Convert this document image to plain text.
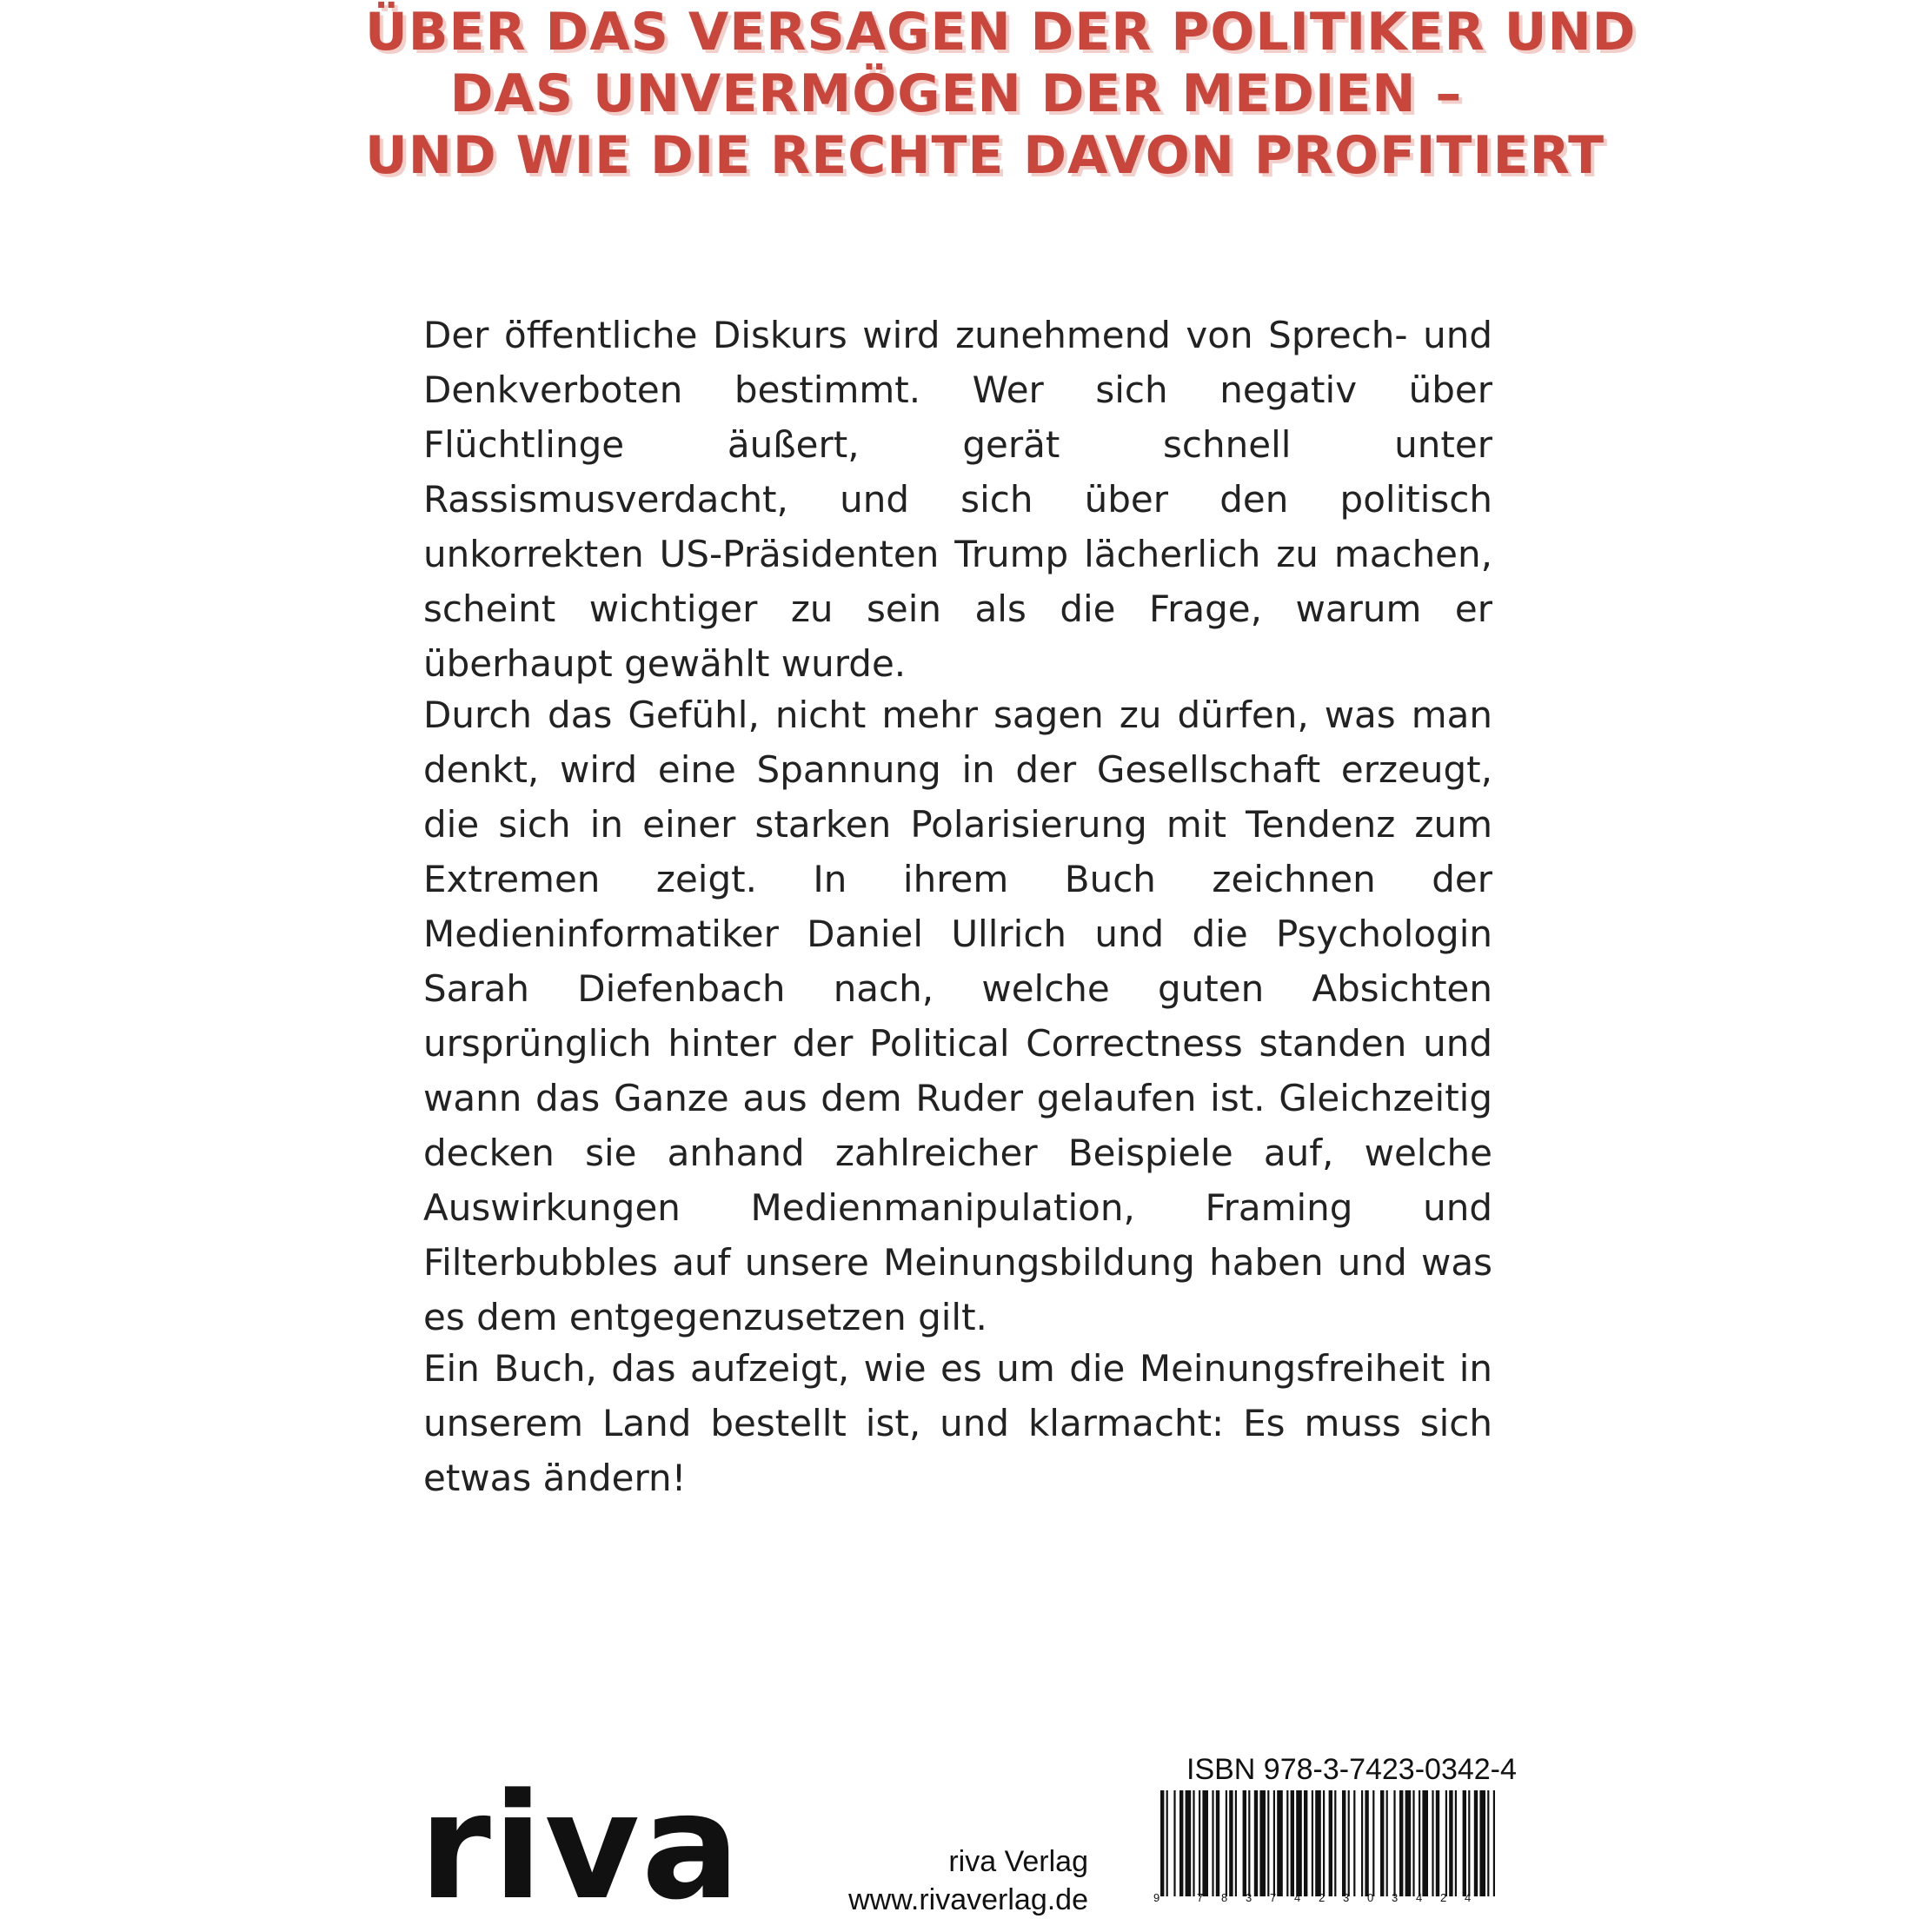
ÜBER DAS VERSAGEN DER POLITIKER UND
DAS UNVERMÖGEN DER MEDIEN –
UND WIE DIE RECHTE DAVON PROFITIERT

Der öffentliche Diskurs wird zunehmend von Sprech- und Denkverboten bestimmt. Wer sich negativ über Flüchtlinge äußert, gerät schnell unter Rassismusverdacht, und sich über den politisch unkorrekten US-Präsidenten Trump lächerlich zu machen, scheint wichtiger zu sein als die Frage, warum er überhaupt gewählt wurde.

Durch das Gefühl, nicht mehr sagen zu dürfen, was man denkt, wird eine Spannung in der Gesellschaft erzeugt, die sich in einer starken Polarisierung mit Tendenz zum Extremen zeigt. In ihrem Buch zeichnen der Medieninformatiker Daniel Ullrich und die Psychologin Sarah Diefenbach nach, welche guten Absichten ursprünglich hinter der Political Correctness standen und wann das Ganze aus dem Ruder gelaufen ist. Gleichzeitig decken sie anhand zahlreicher Beispiele auf, welche Auswirkungen Medienmanipulation, Framing und Filterbubbles auf unsere Meinungsbildung haben und was es dem entgegenzusetzen gilt.

Ein Buch, das aufzeigt, wie es um die Meinungsfreiheit in unserem Land bestellt ist, und klarmacht: Es muss sich etwas ändern!

riva	riva Verlag
www.rivaverlag.de
ISBN 978-3-7423-0342-4
9	7 8 3 7 4 2 3 0 3 4 2 4
